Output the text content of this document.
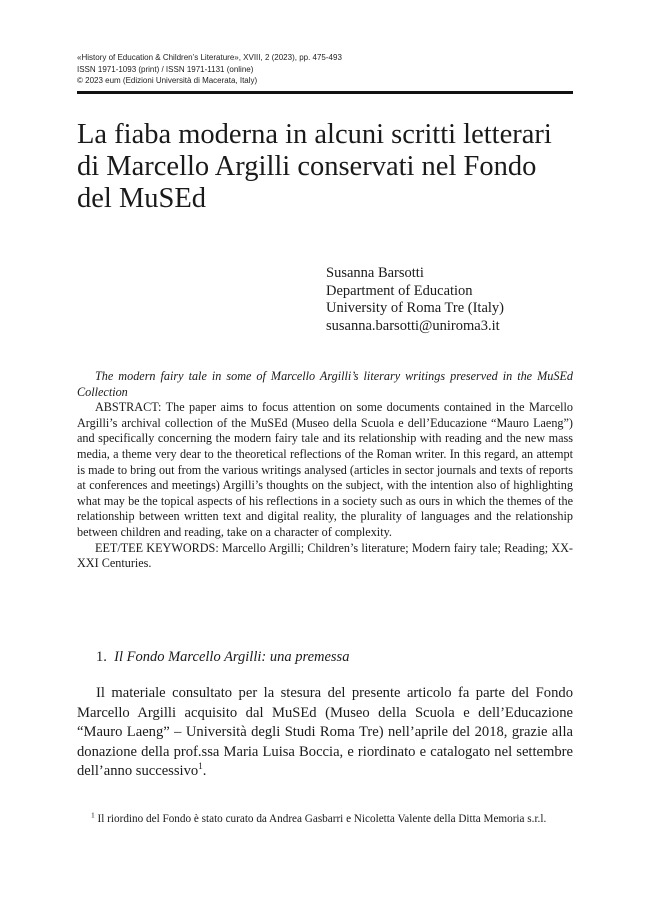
«History of Education & Children’s Literature», XVIII, 2 (2023), pp. 475-493
ISSN 1971-1093 (print) / ISSN 1971-1131 (online)
© 2023 eum (Edizioni Università di Macerata, Italy)
La fiaba moderna in alcuni scritti letterari
di Marcello Argilli conservati nel Fondo
del MuSEd
Susanna Barsotti
Department of Education
University of Roma Tre (Italy)
susanna.barsotti@uniroma3.it

The modern fairy tale in some of Marcello Argilli’s literary writings preserved in the MuSEd Collection

ABSTRACT: The paper aims to focus attention on some documents contained in the Marcello Argilli’s archival collection of the MuSEd (Museo della Scuola e dell’Educazione “Mauro Laeng”) and specifically concerning the modern fairy tale and its relationship with reading and the new mass media, a theme very dear to the theoretical reflections of the Roman writer. In this regard, an attempt is made to bring out from the various writings analysed (articles in sector journals and texts of reports at conferences and meetings) Argilli’s thoughts on the subject, with the intention also of highlighting what may be the topical aspects of his reflections in a society such as ours in which the themes of the relationship between written text and digital reality, the plurality of languages and the relationship between children and reading, take on a character of complexity.

EET/TEE KEYWORDS: Marcello Argilli; Children’s literature; Modern fairy tale; Reading; XX-XXI Centuries.

1. Il Fondo Marcello Argilli: una premessa

Il materiale consultato per la stesura del presente articolo fa parte del Fondo Marcello Argilli acquisito dal MuSEd (Museo della Scuola e dell’Educazione “Mauro Laeng” – Università degli Studi Roma Tre) nell’aprile del 2018, grazie alla donazione della prof.ssa Maria Luisa Boccia, e riordinato e catalogato nel settembre dell’anno successivo$^1$.

$^1$ Il riordino del Fondo è stato curato da Andrea Gasbarri e Nicoletta Valente della Ditta Memoria s.r.l.
